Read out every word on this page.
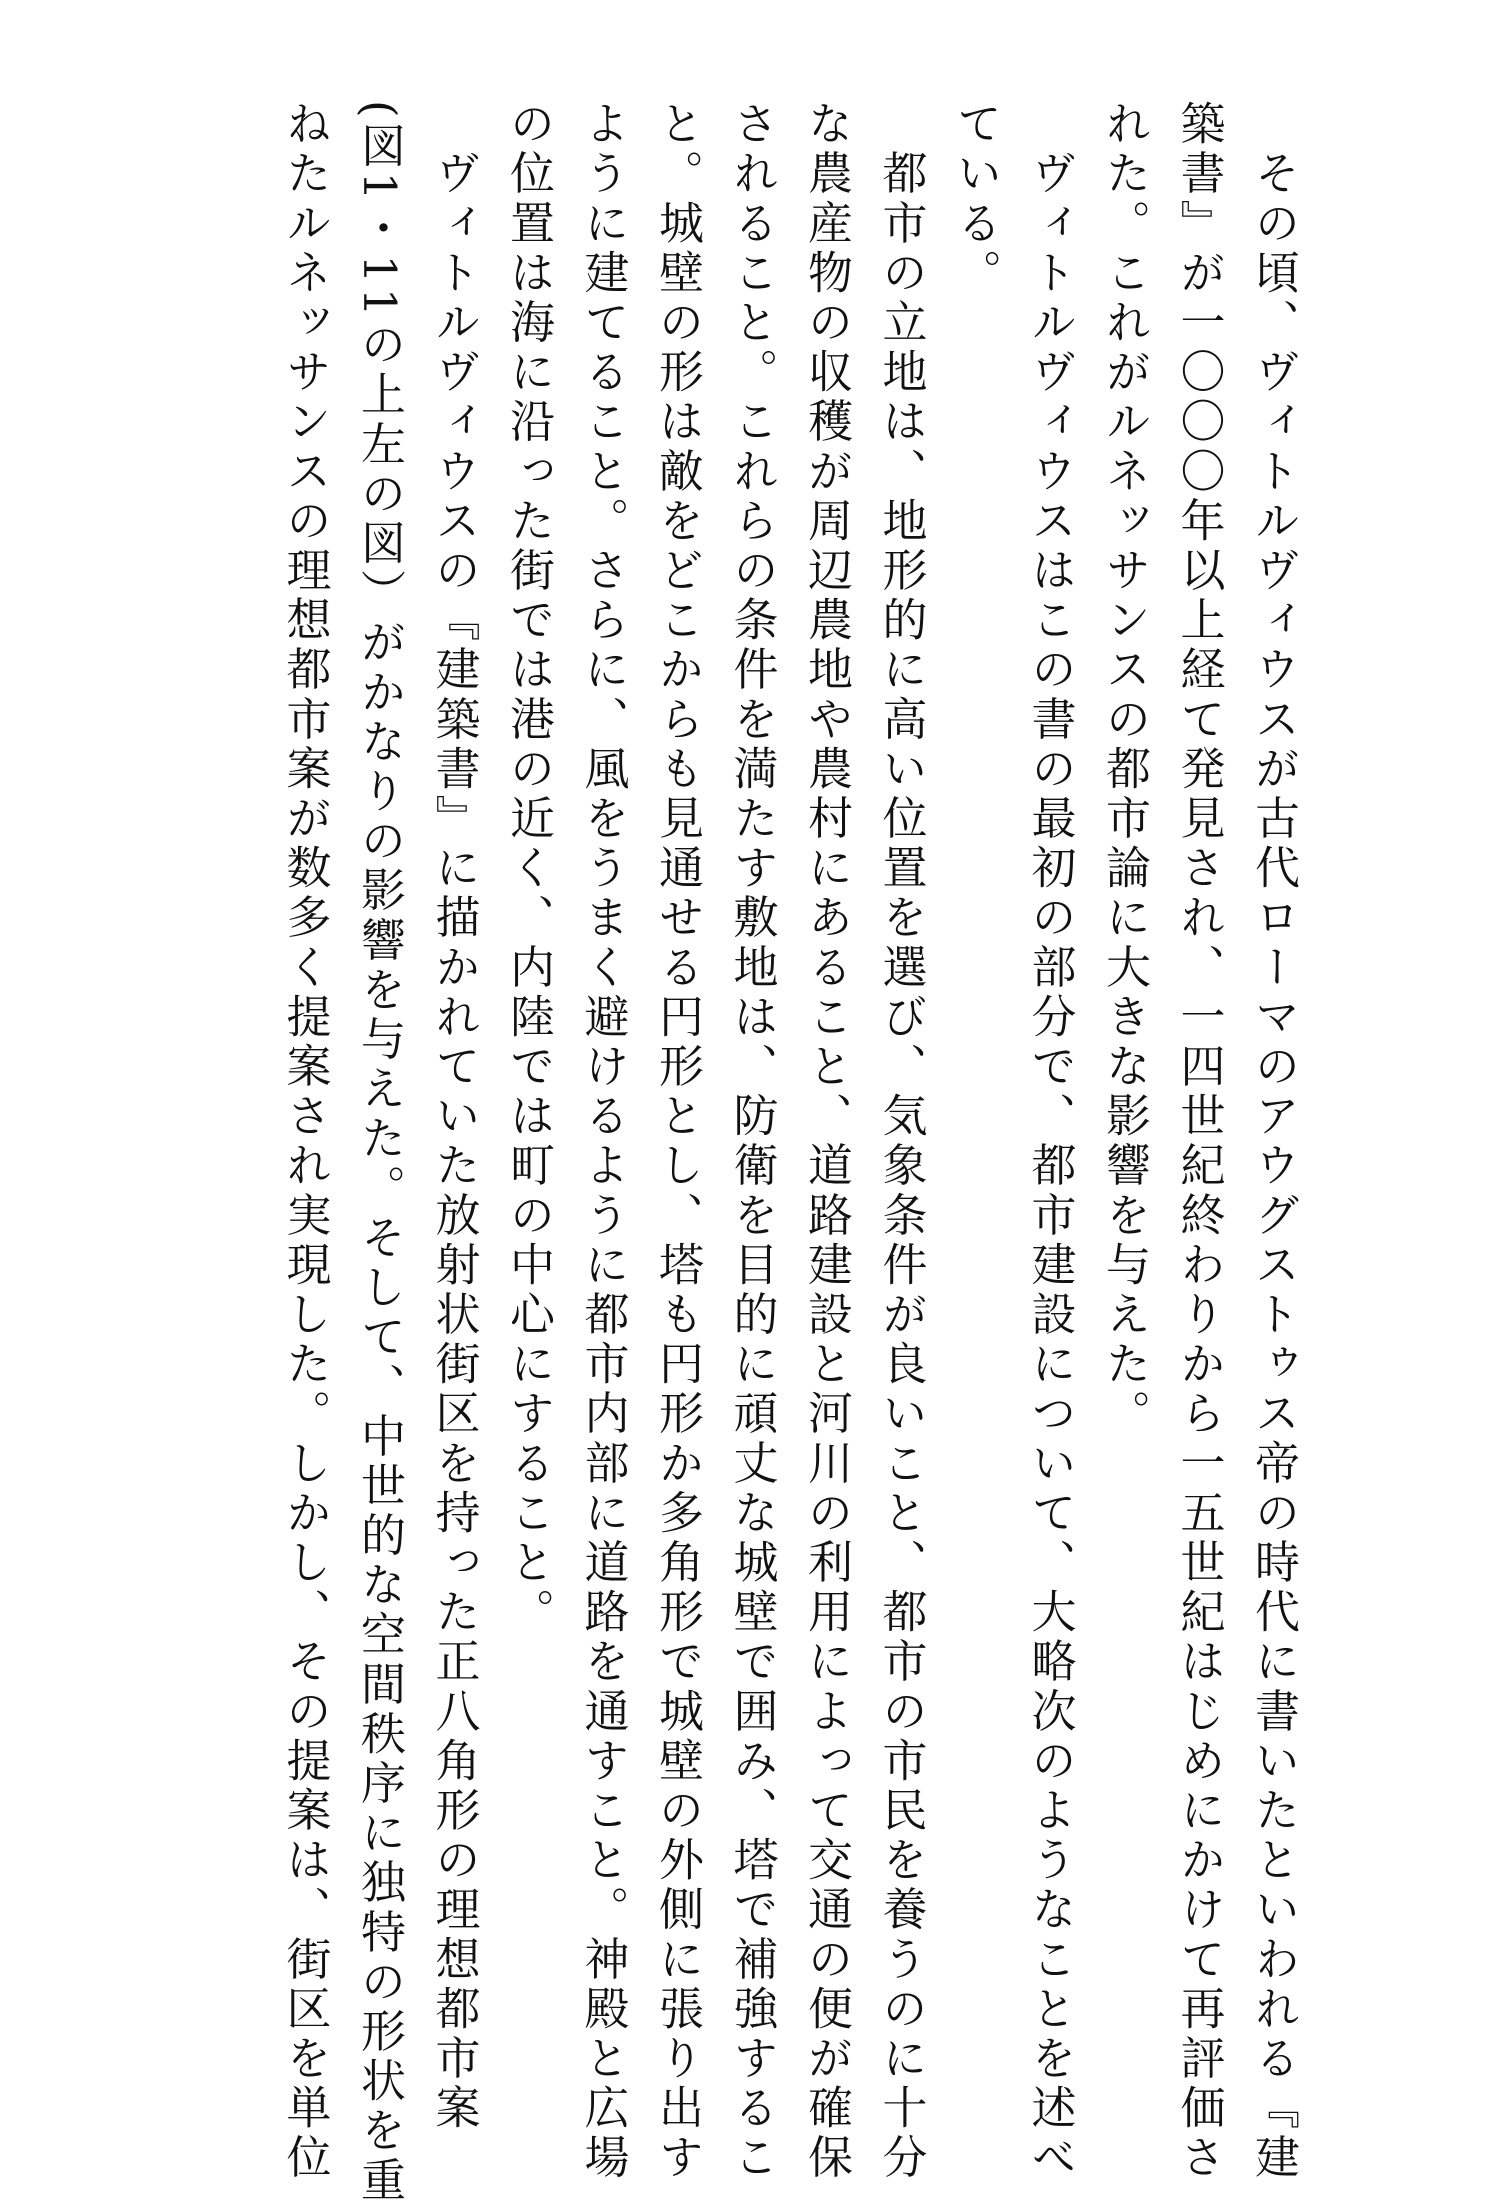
　その頃、ヴィトルヴィウスが古代ローマのアウグストゥス帝の時代に書いたといわれる『建
築書』が一〇〇〇年以上経て発見され、一四世紀終わりから一五世紀はじめにかけて再評価さ
れた。これがルネッサンスの都市論に大きな影響を与えた。

　ヴィトルヴィウスはこの書の最初の部分で、都市建設について、大略次のようなことを述べ
ている。

　都市の立地は、地形的に高い位置を選び、気象条件が良いこと、都市の市民を養うのに十分
な農産物の収穫が周辺農地や農村にあること、道路建設と河川の利用によって交通の便が確保
されること。これらの条件を満たす敷地は、防衛を目的に頑丈な城壁で囲み、塔で補強するこ
と。城壁の形は敵をどこからも見通せる円形とし、塔も円形か多角形で城壁の外側に張り出す
ように建てること。さらに、風をうまく避けるように都市内部に道路を通すこと。神殿と広場
の位置は海に沿った街では港の近く、内陸では町の中心にすること。

　ヴィトルヴィウスの『建築書』に描かれていた放射状街区を持った正八角形の理想都市案
(図1・11の上左の図）がかなりの影響を与えた。そして、中世的な空間秩序に独特の形状を重
ねたルネッサンスの理想都市案が数多く提案され実現した。しかし、その提案は、街区を単位
